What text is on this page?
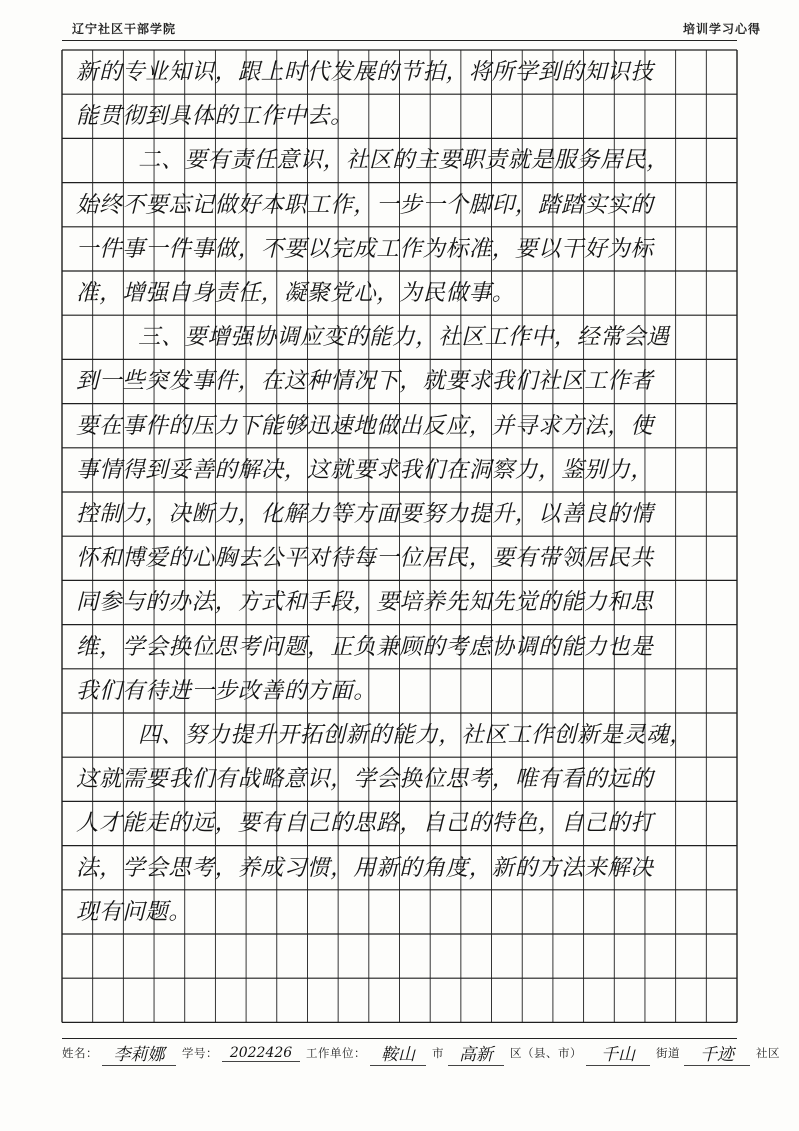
辽宁社区干部学院	培训学习心得
新的专业知识，跟上时代发展的节拍，将所学到的知识技
能贯彻到具体的工作中去。
二、要有责任意识，社区的主要职责就是服务居民，
始终不要忘记做好本职工作，一步一个脚印，踏踏实实的
一件事一件事做，不要以完成工作为标准，要以干好为标
准，增强自身责任，凝聚党心，为民做事。
三、要增强协调应变的能力，社区工作中，经常会遇
到一些突发事件，在这种情况下，就要求我们社区工作者
要在事件的压力下能够迅速地做出反应，并寻求方法，使
事情得到妥善的解决，这就要求我们在洞察力，鉴别力，
控制力，决断力，化解力等方面要努力提升，以善良的情
怀和博爱的心胸去公平对待每一位居民，要有带领居民共
同参与的办法，方式和手段，要培养先知先觉的能力和思
维，学会换位思考问题，正负兼顾的考虑协调的能力也是
我们有待进一步改善的方面。
四、努力提升开拓创新的能力，社区工作创新是灵魂，
这就需要我们有战略意识，学会换位思考，唯有看的远的
人才能走的远，要有自己的思路，自己的特色，自己的打
法，学会思考，养成习惯，用新的角度，新的方法来解决
现有问题。
姓名： 李莉娜	学号： 2022426	工作单位： 鞍山	市 高新	区（县、市）	千山	街道	千迹	社区
